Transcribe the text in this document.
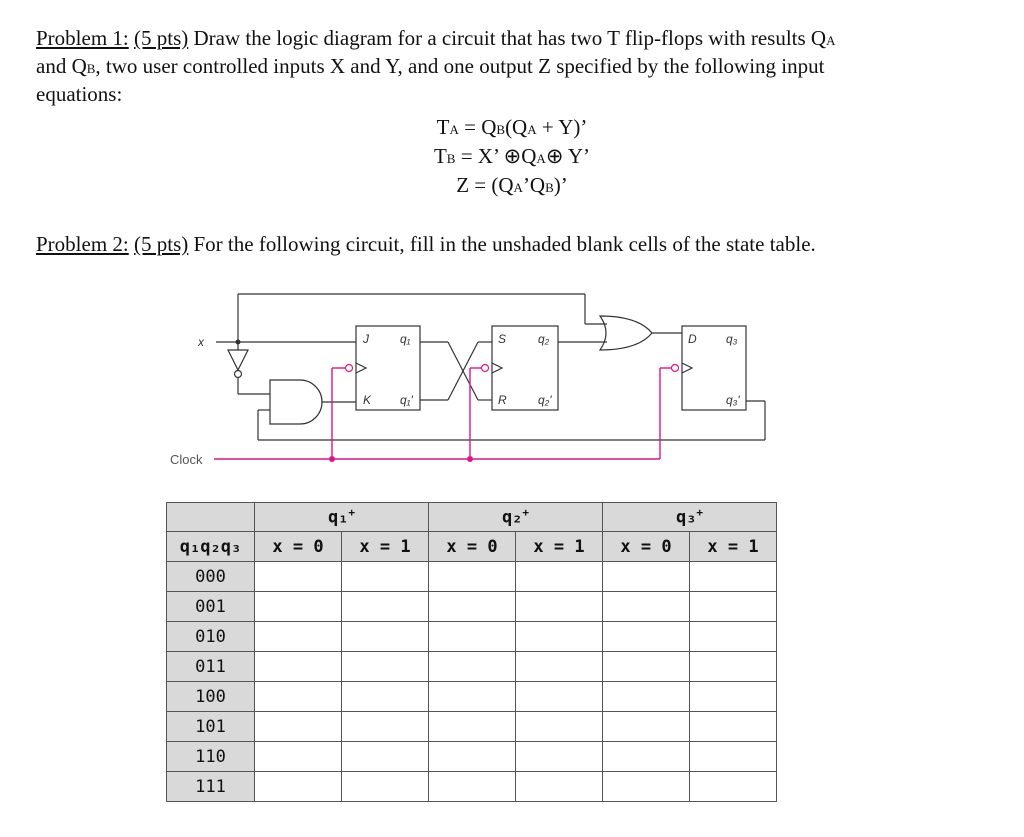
Problem 1: (5 pts) Draw the logic diagram for a circuit that has two T flip-flops with results QA

and QB, two user controlled inputs X and Y, and one output Z specified by the following input

equations:

TA = QB(QA + Y)’
TB = X’ ⊕QA⊕ Y’
Z = (QA’QB)’

Problem 2: (5 pts) For the following circuit, fill in the unshaded blank cells of the state table.

x	J
K
q₁
q₁'
S
R
q₂
q₂'
D q₃
q₃'
Clock
	q₁+		q₂+		q₃+
q₁q₂q₃	x = 0	x = 1	x = 0	x = 1	x = 0	x = 1
000						
001						
010						
011						
100						
101						
110						
111						
